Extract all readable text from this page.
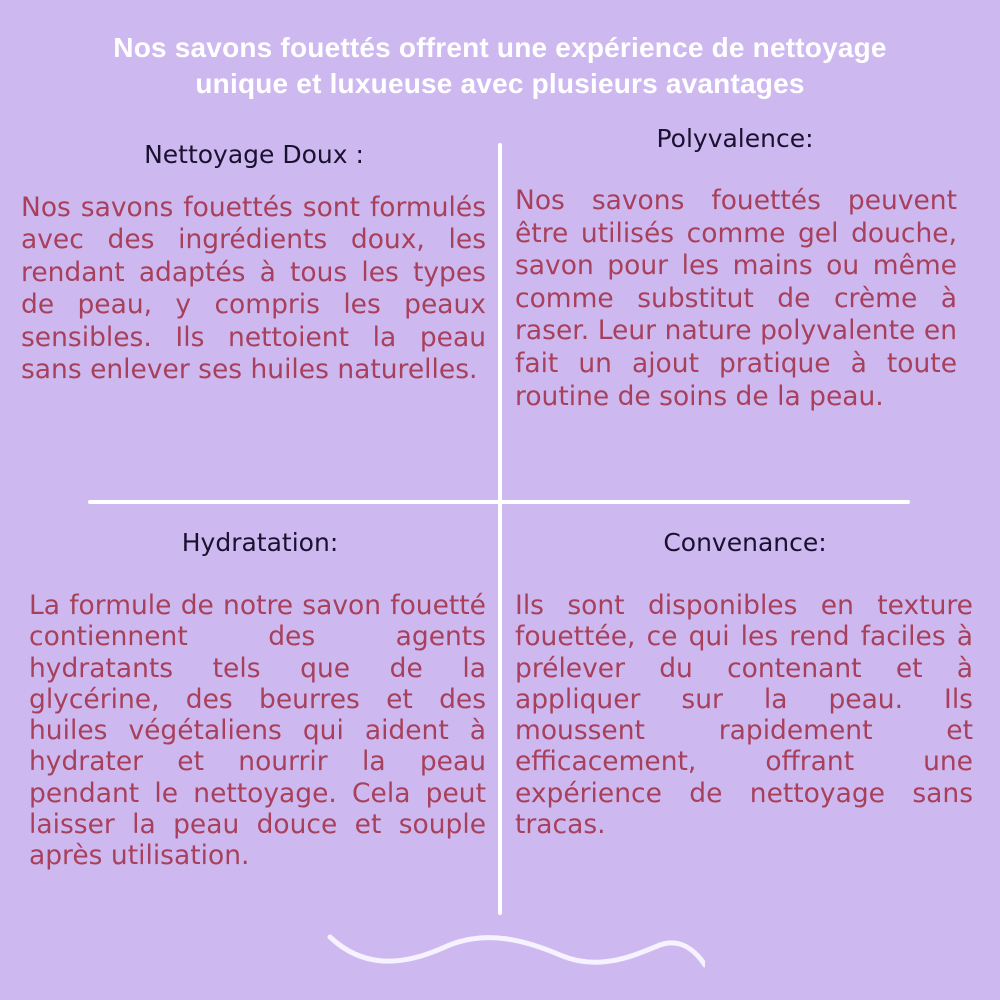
Nos savons fouettés offrent une expérience de nettoyage
unique et luxueuse avec plusieurs avantages
Nettoyage Doux :

Nos savons fouettés sont formulés avec des ingrédients doux, les rendant adaptés à tous les types de peau, y compris les peaux sensibles. Ils nettoient la peau sans enlever ses huiles naturelles.

Polyvalence:

Nos savons fouettés peuvent être utilisés comme gel douche, savon pour les mains ou même comme substitut de crème à raser. Leur nature polyvalente en fait un ajout pratique à toute routine de soins de la peau.

Hydratation:

La formule de notre savon fouetté contiennent des agents hydratants tels que de la glycérine, des beurres et des huiles végétaliens qui aident à hydrater et nourrir la peau pendant le nettoyage. Cela peut laisser la peau douce et souple après utilisation.

Convenance:

Ils sont disponibles en texture fouettée, ce qui les rend faciles à prélever du contenant et à appliquer sur la peau. Ils moussent rapidement et efficacement, offrant une expérience de nettoyage sans tracas.
